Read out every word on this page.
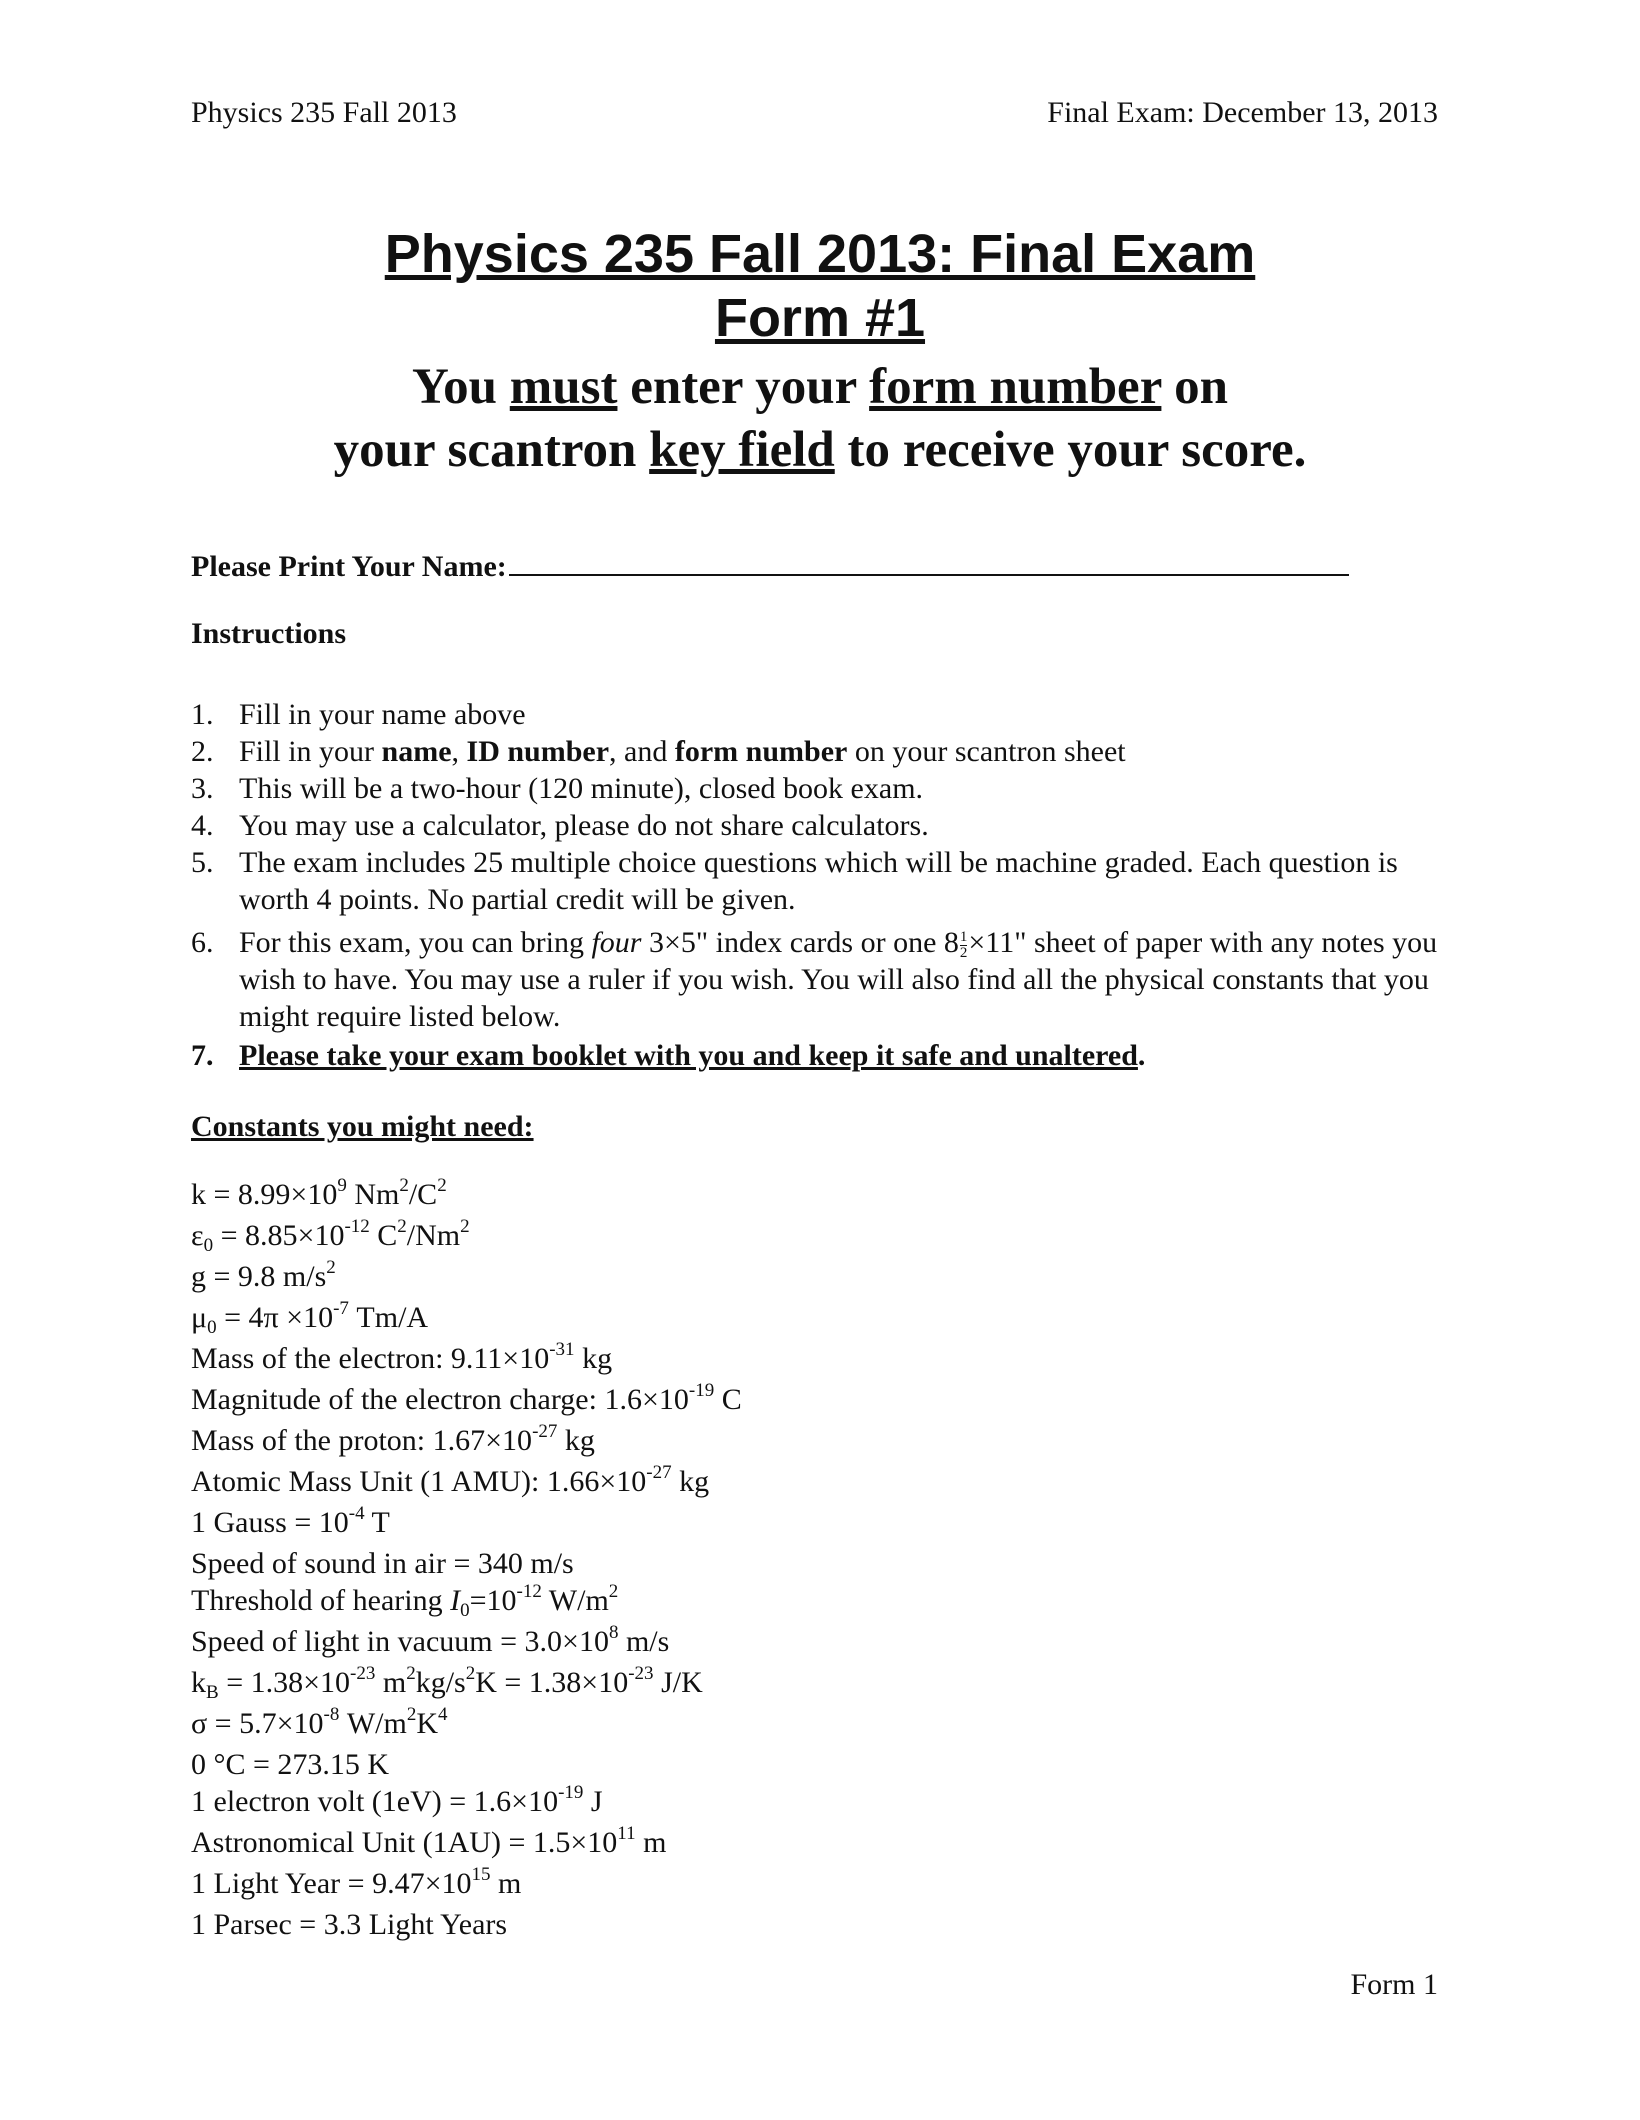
Physics 235 Fall 2013	Final Exam: December 13, 2013
Physics 235 Fall 2013: Final Exam
Form #1
You must enter your form number on
your scantron key field to receive your score.
Please Print Your Name:
Instructions
1. Fill in your name above
2. Fill in your name, ID number, and form number on your scantron sheet
3. This will be a two-hour (120 minute), closed book exam.
4. You may use a calculator, please do not share calculators.
5. The exam includes 25 multiple choice questions which will be machine graded. Each question is worth 4 points. No partial credit will be given.
6. For this exam, you can bring four 3×5" index cards or one $8 \frac{1}{2} \times 11$" sheet of paper with any notes you wish to have. You may use a ruler if you wish. You will also find all the physical constants that you might require listed below.
7. Please take your exam booklet with you and keep it safe and unaltered.
Constants you might need:
$k = 8.99\times 10^9$ $Nm^2/C^2$
$\varepsilon_0 = 8.85\times 10^{-12}$ $C^2/Nm^2$
g = 9.8 $m/s^2$
$\mu_0 = 4\pi \times 10^{-7}$ Tm/A
Mass of the electron: $9.11\times 10^{-31}$ kg
Magnitude of the electron charge: $1.6\times 10^{-19}$ C
Mass of the proton: $1.67\times 10^{-27}$ kg
Atomic Mass Unit (1 AMU): $1.66\times 10^{-27}$ kg
1 Gauss = $10^{-4}$ T
Speed of sound in air = 340 m/s
Threshold of hearing $I_0=10^{-12}$ $W/m^2$
Speed of light in vacuum = $3.0\times 10^8$ m/s
$k_B = 1.38\times 10^{-23}$ $m^2kg/s^2K = 1.38\times 10^{-23}$ J/K
$\sigma = 5.7\times 10^{-8}$ $W/m^2K^4$
0 °C = 273.15 K
1 electron volt $(1eV) = 1.6\times 10^{-19}$ J
Astronomical Unit $(1AU) = 1.5\times 10^{11}$ m
1 Light Year = $9.47\times 10^{15}$ m
1 Parsec = 3.3 Light Years
Form 1
